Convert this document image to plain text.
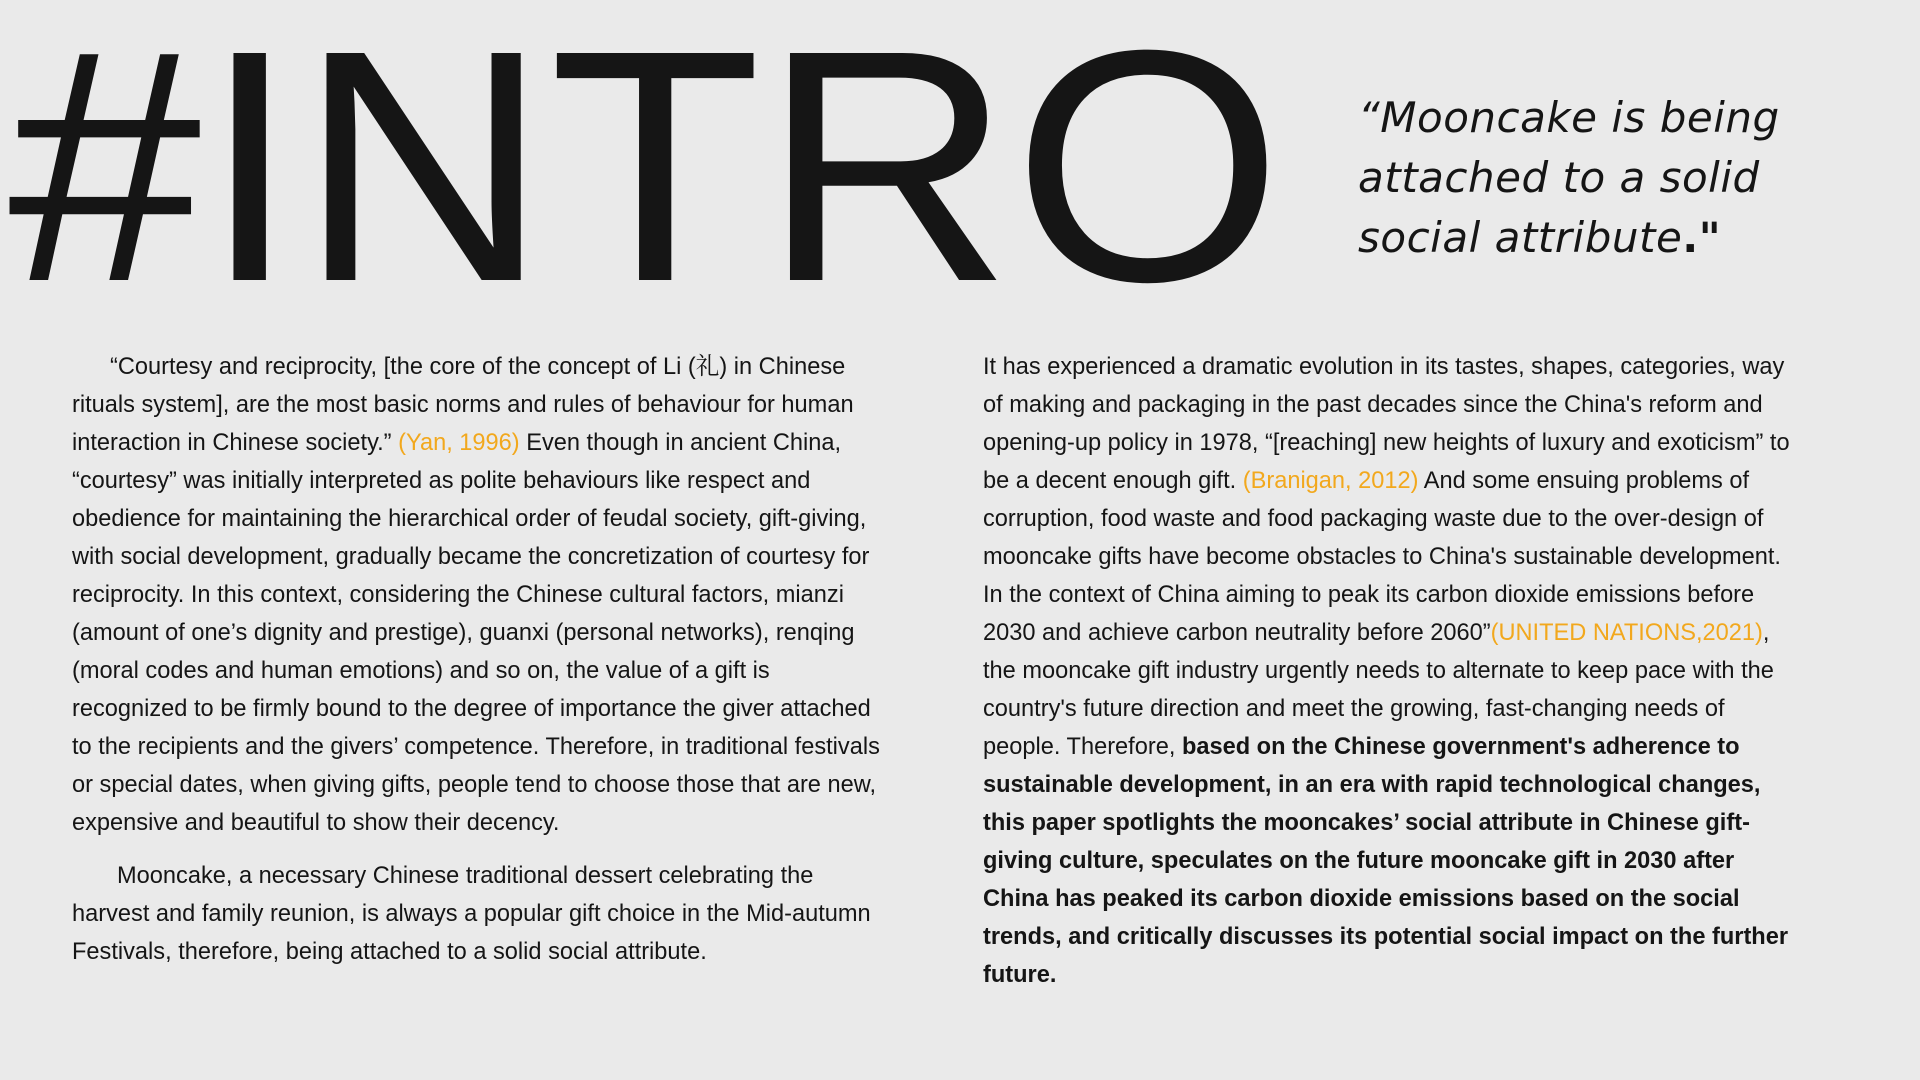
#INTRO “Mooncake is being attached to a solid social attribute."

“Courtesy and reciprocity, [the core of the concept of Li (礼) in Chinese rituals system], are the most basic norms and rules of behaviour for human interaction in Chinese society.” (Yan, 1996) Even though in ancient China, “courtesy” was initially interpreted as polite behaviours like respect and obedience for maintaining the hierarchical order of feudal society, gift-giving, with social development, gradually became the concretization of courtesy for reciprocity. In this context, considering the Chinese cultural factors, mianzi (amount of one’s dignity and prestige), guanxi (personal networks), renqing (moral codes and human emotions) and so on, the value of a gift is recognized to be firmly bound to the degree of importance the giver attached to the recipients and the givers’ competence. Therefore, in traditional festivals or special dates, when giving gifts, people tend to choose those that are new, expensive and beautiful to show their decency.

Mooncake, a necessary Chinese traditional dessert celebrating the harvest and family reunion, is always a popular gift choice in the Mid-autumn Festivals, therefore, being attached to a solid social attribute.

It has experienced a dramatic evolution in its tastes, shapes, categories, way of making and packaging in the past decades since the China's reform and opening-up policy in 1978, “[reaching] new heights of luxury and exoticism” to be a decent enough gift. (Branigan, 2012) And some ensuing problems of corruption, food waste and food packaging waste due to the over-design of mooncake gifts have become obstacles to China's sustainable development. In the context of China aiming to peak its carbon dioxide emissions before 2030 and achieve carbon neutrality before 2060”(UNITED NATIONS,2021), the mooncake gift industry urgently needs to alternate to keep pace with the country's future direction and meet the growing, fast-changing needs of people. Therefore, based on the Chinese government's adherence to sustainable development, in an era with rapid technological changes, this paper spotlights the mooncakes’ social attribute in Chinese gift-giving culture, speculates on the future mooncake gift in 2030 after China has peaked its carbon dioxide emissions based on the social trends, and critically discusses its potential social impact on the further future.
